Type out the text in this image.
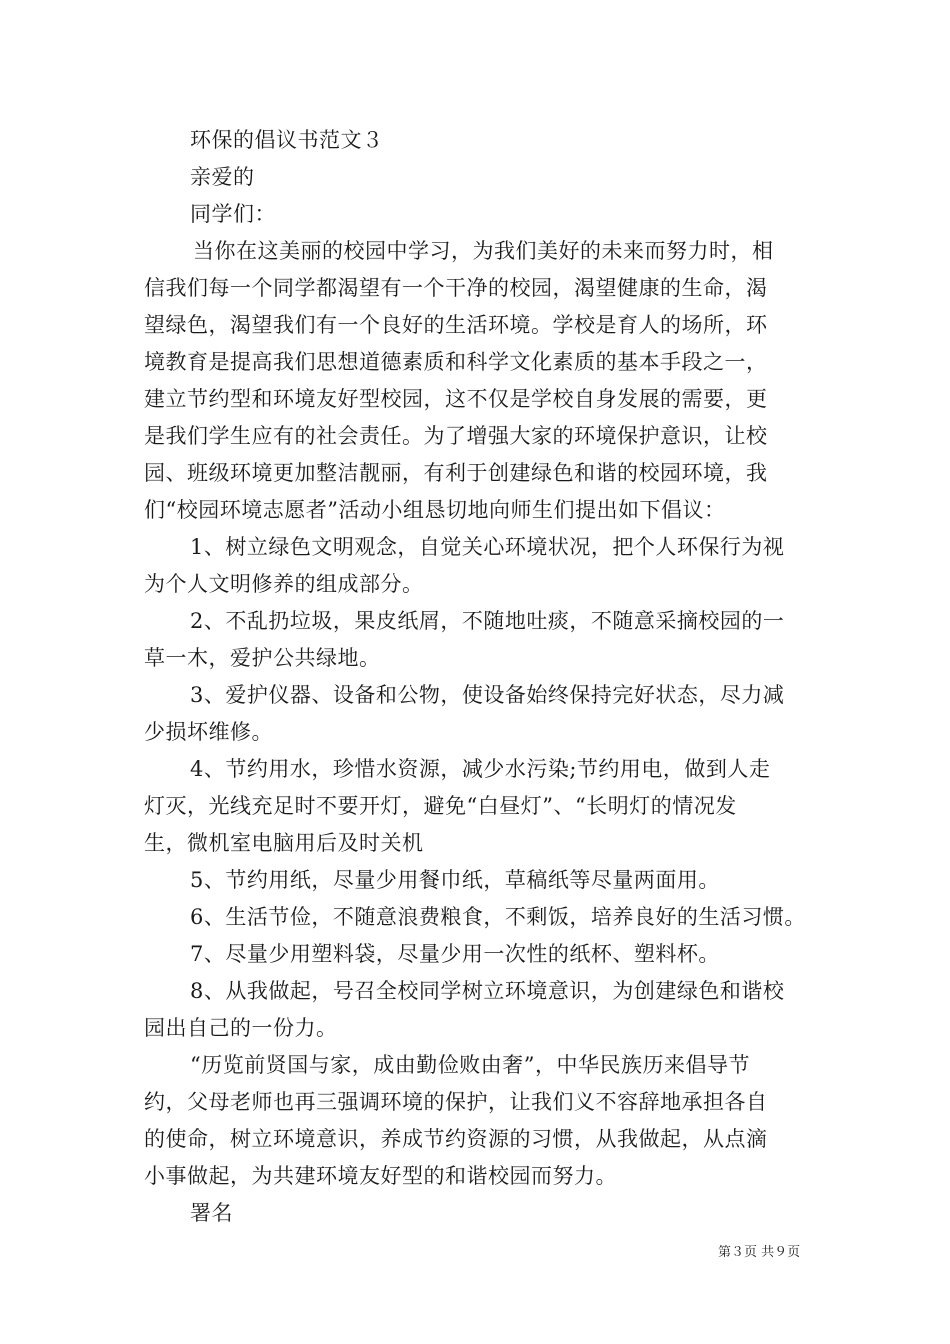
环保的倡议书范文３
亲爱的
同学们：
当你在这美丽的校园中学习，为我们美好的未来而努力时，相
信我们每一个同学都渴望有一个干净的校园，渴望健康的生命，渴
望绿色，渴望我们有一个良好的生活环境。学校是育人的场所，环
境教育是提高我们思想道德素质和科学文化素质的基本手段之一，
建立节约型和环境友好型校园，这不仅是学校自身发展的需要，更
是我们学生应有的社会责任。为了增强大家的环境保护意识，让校
园、班级环境更加整洁靓丽，有利于创建绿色和谐的校园环境，我
们“校园环境志愿者”活动小组恳切地向师生们提出如下倡议：
1、树立绿色文明观念，自觉关心环境状况，把个人环保行为视
为个人文明修养的组成部分。
2、不乱扔垃圾，果皮纸屑，不随地吐痰，不随意采摘校园的一
草一木，爱护公共绿地。
3、爱护仪器、设备和公物，使设备始终保持完好状态，尽力减
少损坏维修。
4、节约用水，珍惜水资源，减少水污染;节约用电，做到人走
灯灭，光线充足时不要开灯，避免“白昼灯”、“长明灯的情况发
生，微机室电脑用后及时关机
5、节约用纸，尽量少用餐巾纸，草稿纸等尽量两面用。
6、生活节俭，不随意浪费粮食，不剩饭，培养良好的生活习惯。
7、尽量少用塑料袋，尽量少用一次性的纸杯、塑料杯。
8、从我做起，号召全校同学树立环境意识，为创建绿色和谐校
园出自己的一份力。
“历览前贤国与家，成由勤俭败由奢”，中华民族历来倡导节
约，父母老师也再三强调环境的保护，让我们义不容辞地承担各自
的使命，树立环境意识，养成节约资源的习惯，从我做起，从点滴
小事做起，为共建环境友好型的和谐校园而努力。
署名
第３页 共９页
